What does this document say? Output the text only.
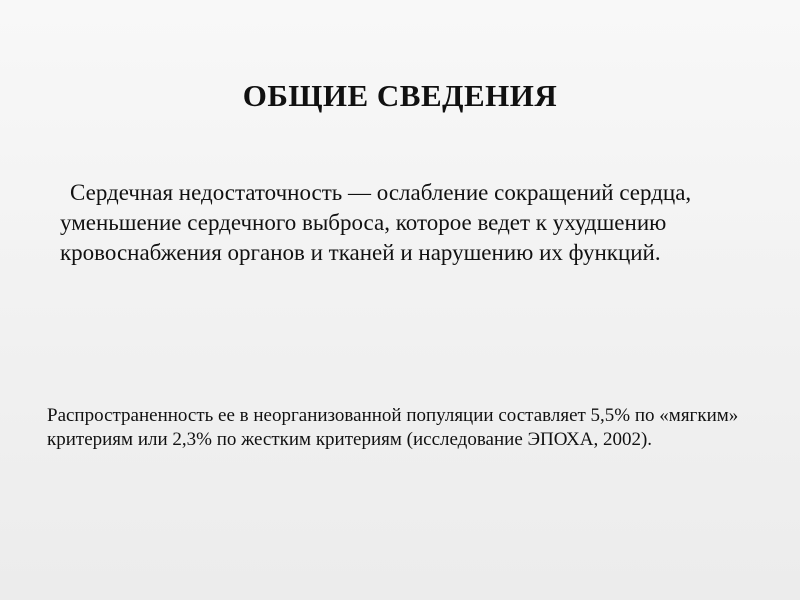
ОБЩИЕ СВЕДЕНИЯ
Сердечная недостаточность — ослабление сокращений сердца, уменьшение сердечного выброса, которое ведет к ухудшению кровоснабжения органов и тканей и нарушению их функций.
Распространенность ее в неорганизованной популяции составляет 5,5% по «мягким» критериям или 2,3% по жестким критериям (исследование ЭПОХА, 2002).
